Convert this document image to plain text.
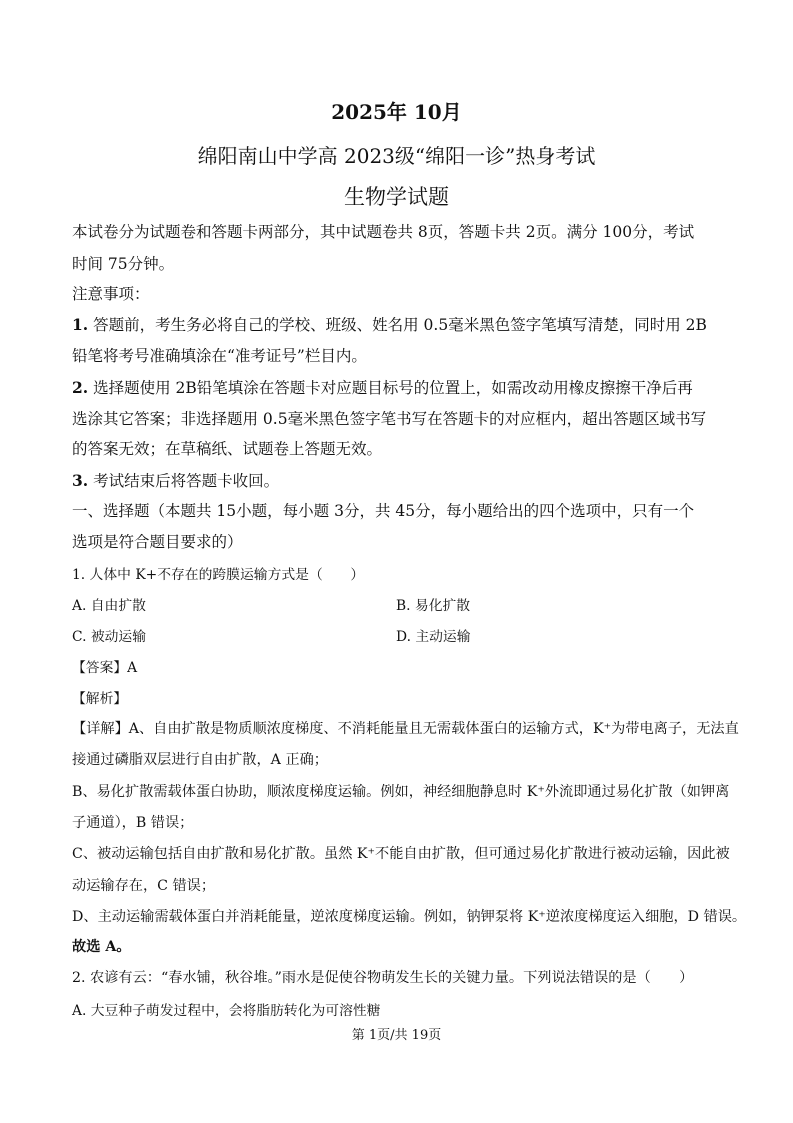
2025年 10月
绵阳南山中学高 2023级“绵阳一诊”热身考试
生物学试题
本试卷分为试题卷和答题卡两部分，其中试题卷共 8页，答题卡共 2页。满分 100分，考试
时间 75分钟。
注意事项：
1. 答题前，考生务必将自己的学校、班级、姓名用 0.5毫米黑色签字笔填写清楚，同时用 2B
铅笔将考号准确填涂在“准考证号”栏目内。
2. 选择题使用 2B铅笔填涂在答题卡对应题目标号的位置上，如需改动用橡皮擦擦干净后再
选涂其它答案；非选择题用 0.5毫米黑色签字笔书写在答题卡的对应框内，超出答题区域书写
的答案无效；在草稿纸、试题卷上答题无效。
3. 考试结束后将答题卡收回。
一、选择题（本题共 15小题，每小题 3分，共 45分，每小题给出的四个选项中，只有一个
选项是符合题目要求的）
1. 人体中 K+不存在的跨膜运输方式是（　　）
A. 自由扩散	B. 易化扩散
C. 被动运输	D. 主动运输
【答案】A
【解析】
【详解】A、自由扩散是物质顺浓度梯度、不消耗能量且无需载体蛋白的运输方式，K⁺为带电离子，无法直
接通过磷脂双层进行自由扩散，A 正确；
B、易化扩散需载体蛋白协助，顺浓度梯度运输。例如，神经细胞静息时 K⁺外流即通过易化扩散（如钾离
子通道），B 错误；
C、被动运输包括自由扩散和易化扩散。虽然 K⁺不能自由扩散，但可通过易化扩散进行被动运输，因此被
动运输存在，C 错误；
D、主动运输需载体蛋白并消耗能量，逆浓度梯度运输。例如，钠钾泵将 K⁺逆浓度梯度运入细胞，D 错误。
故选 A。
2. 农谚有云：“春水铺，秋谷堆。”雨水是促使谷物萌发生长的关键力量。下列说法错误的是（　　）
A. 大豆种子萌发过程中，会将脂肪转化为可溶性糖
第 1页/共 19页
